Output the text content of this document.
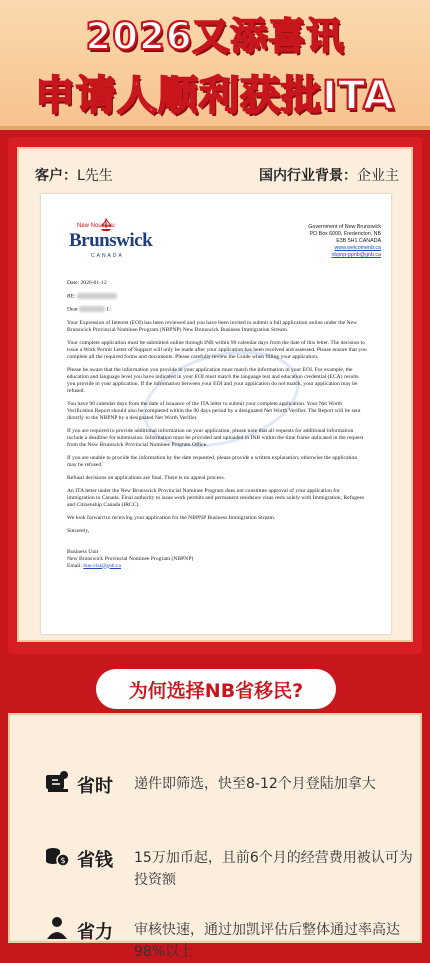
2026又添喜讯
申请人顺利获批ITA
客户：L先生	国内行业背景：企业主
New Nouveau
Brunswick
CANADA
Government of New Brunswick
PO Box 6000, Fredericton, NB
E3B 5H1 CANADA
www.welcomenb.ca
nbpnp-ppnb@gnb.ca

Date: 2026-01-12

RE:

Dear	L:

Your Expression of Interest (EOI) has been reviewed and you have been invited to submit a full application online under the New Brunswick Provincial Nominee Program (NBPNP) New Brunswick Business Immigration Stream.

Your complete application must be submitted online through INB within 90 calendar days from the date of this letter. The decision to issue a Work Permit Letter of Support will only be made after your application has been received and assessed. Please ensure that you complete all the required forms and documents. Please carefully review the Guide when filling your application.

Please be aware that the information you provide in your application must match the information in your EOI. For example, the education and language level you have indicated in your EOI must match the language test and education credential (ECA) results you provide in your application. If the information between your EOI and your application do not match, your application may be refused.

You have 90 calendar days from the date of issuance of the ITA letter to submit your complete application. Your Net Worth Verification Report should also be completed within the 90 days period by a designated Net Worth Verifier. The Report will be sent directly to the NBPNP by a designated Net Worth Verifier.

If you are required to provide additional information on your application, please note that all requests for additional information include a deadline for submission. Information must be provided and uploaded in INB within the time frame indicated in the request from the New Brunswick Provincial Nominee Program Office.

If you are unable to provide the information by the date requested, please provide a written explanation; otherwise the application may be refused.

Refusal decisions on applications are final. There is no appeal process.

An ITA letter under the New Brunswick Provincial Nominee Program does not constitute approval of your application for immigration to Canada. Final authority to issue work permits and permanent residence visas rests solely with Immigration, Refugees and Citizenship Canada (IRCC).

We look forward to receiving your application for the NBPNP Business Immigration Stream.

Sincerely,

Business Unit
New Brunswick Provincial Nominee Program (NBPNP)
Email: bus-visi@gnb.ca
为何选择NB省移民?
省时 递件即筛选，快至8-12个月登陆加拿大
$ 省钱 15万加币起，且前6个月的经营费用被认可为投资额
省力 审核快速，通过加凯评估后整体通过率高达98%以上
